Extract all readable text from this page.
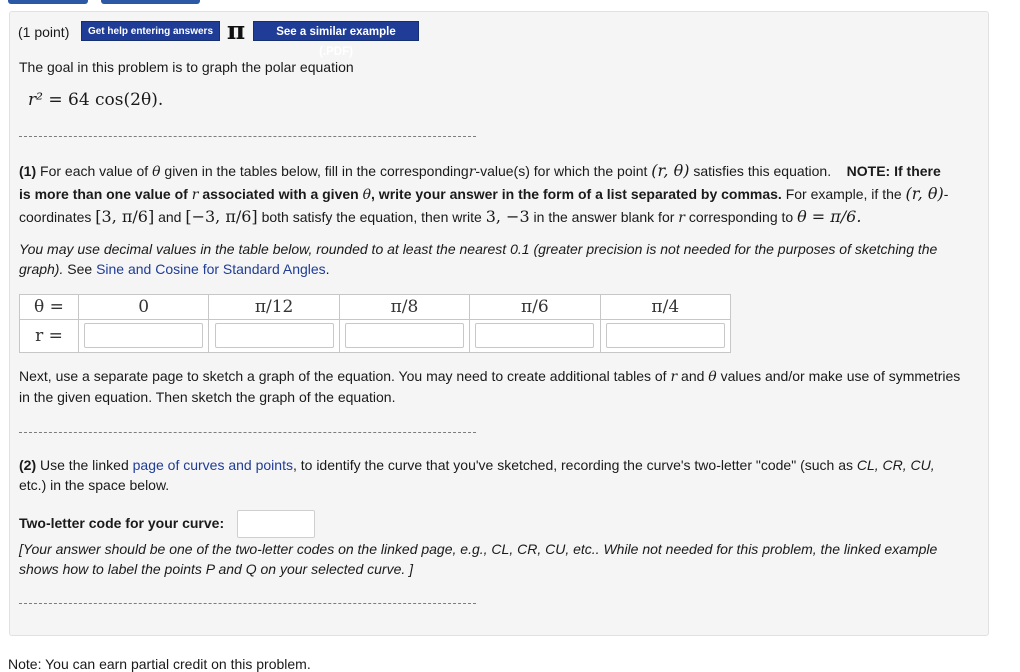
(1 point)	Get help entering answers π	See a similar example (.PDF)
The goal in this problem is to graph the polar equation
r² = 64 cos(2θ).
(1) For each value of θ given in the tables below, fill in the correspondingr-value(s) for which the point (r, θ) satisfies this equation. NOTE: If there
is more than one value of r associated with a given θ, write your answer in the form of a list separated by commas. For example, if the (r, θ)-
coordinates [3, π/6] and [−3, π/6] both satisfy the equation, then write 3, −3 in the answer blank for r corresponding to θ = π/6.
You may use decimal values in the table below, rounded to at least the nearest 0.1 (greater precision is not needed for the purposes of sketching the graph). See Sine and Cosine for Standard Angles.
θ =	0	π/12	π/8	π/6	π/4
r =	

Next, use a separate page to sketch a graph of the equation. You may need to create additional tables of r and θ values and/or make use of symmetries
in the given equation. Then sketch the graph of the equation.
(2) Use the linked page of curves and points, to identify the curve that you've sketched, recording the curve's two-letter "code" (such as CL, CR, CU,
etc.) in the space below.
Two-letter code for your curve:
[Your answer should be one of the two-letter codes on the linked page, e.g., CL, CR, CU, etc.. While not needed for this problem, the linked example
shows how to label the points P and Q on your selected curve. ]
Note: You can earn partial credit on this problem.
